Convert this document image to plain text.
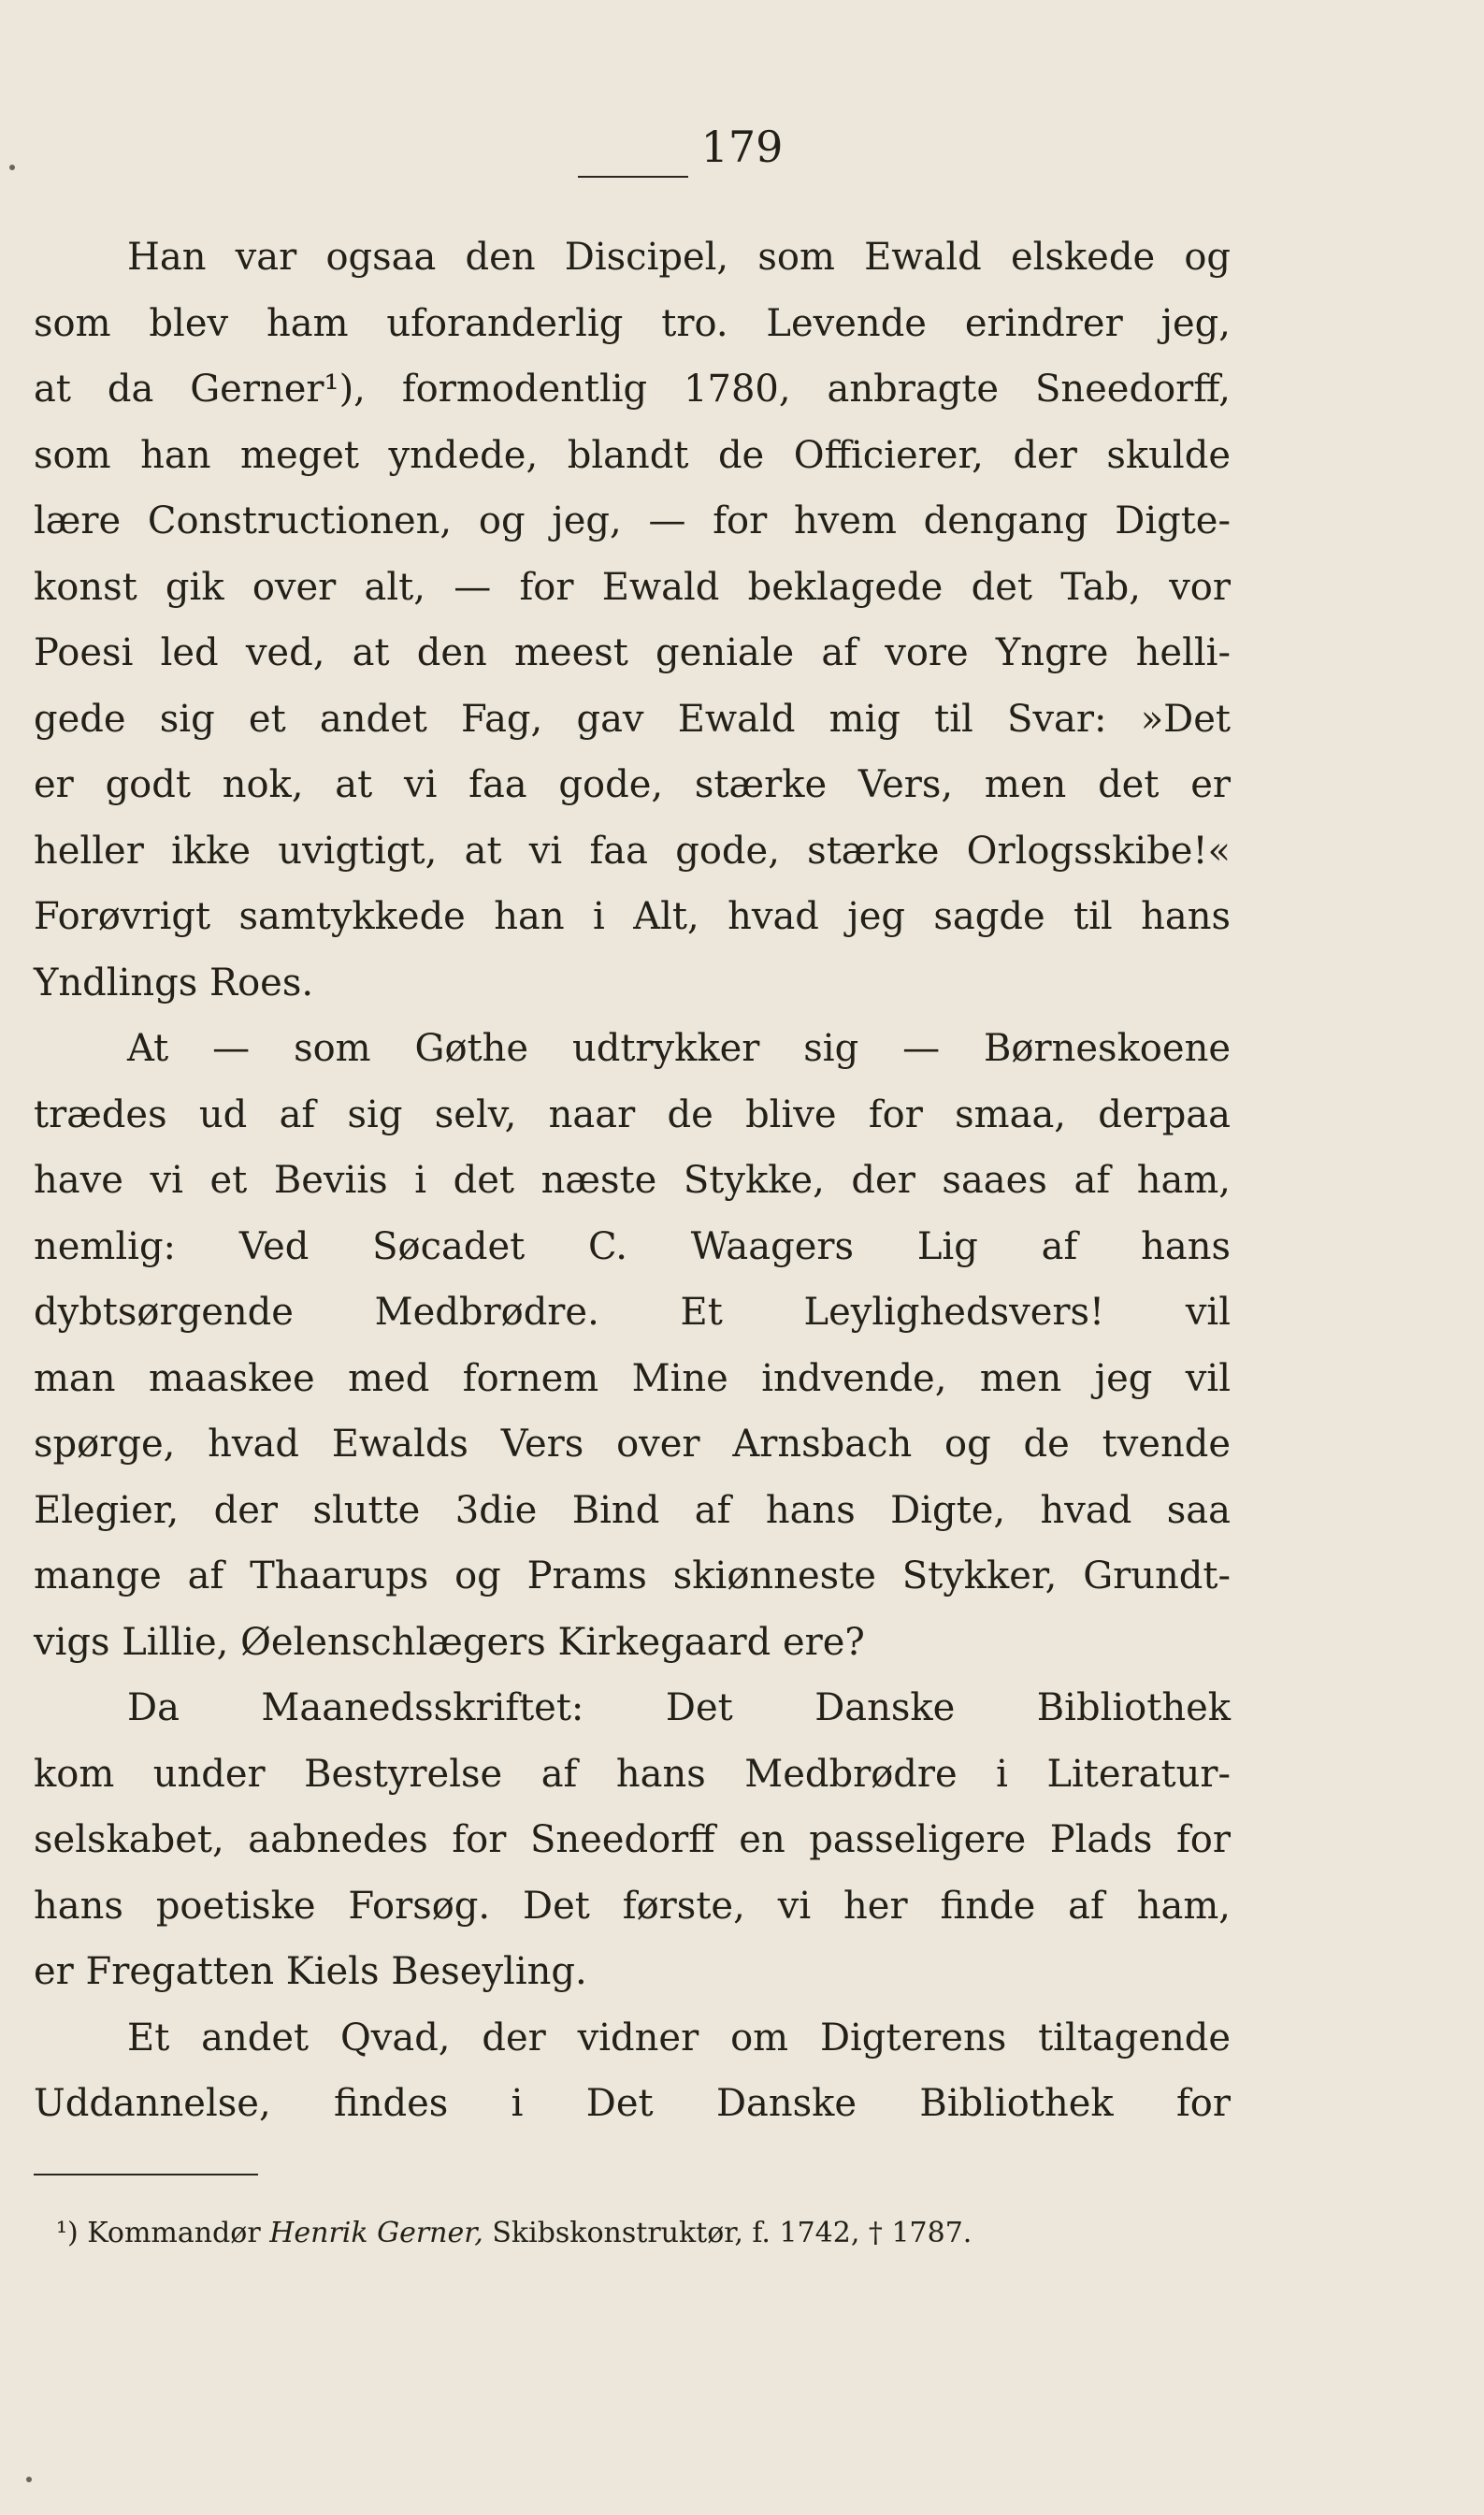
179
Han var ogsaa den Discipel, som Ewald elskede og
som blev ham uforanderlig tro. Levende erindrer jeg,
at da Gerner¹), formodentlig 1780, anbragte Sneedorff,
som han meget yndede, blandt de Officierer, der skulde
lære Constructionen, og jeg, — for hvem dengang Digte-
konst gik over alt, — for Ewald beklagede det Tab, vor
Poesi led ved, at den meest geniale af vore Yngre helli-
gede sig et andet Fag, gav Ewald mig til Svar: »Det
er godt nok, at vi faa gode, stærke Vers, men det er
heller ikke uvigtigt, at vi faa gode, stærke Orlogsskibe!«
Forøvrigt samtykkede han i Alt, hvad jeg sagde til hans
Yndlings Roes.
At — som Gøthe udtrykker sig — Børneskoene
trædes ud af sig selv, naar de blive for smaa, derpaa
have vi et Beviis i det næste Stykke, der saaes af ham,
nemlig: Ved Søcadet C. Waagers Lig af hans
dybtsørgende Medbrødre. Et Leylighedsvers! vil
man maaskee med fornem Mine indvende, men jeg vil
spørge, hvad Ewalds Vers over Arnsbach og de tvende
Elegier, der slutte 3die Bind af hans Digte, hvad saa
mange af Thaarups og Prams skiønneste Stykker, Grundt-
vigs Lillie, Øelenschlægers Kirkegaard ere?
Da Maanedsskriftet: Det Danske Bibliothek
kom under Bestyrelse af hans Medbrødre i Literatur-
selskabet, aabnedes for Sneedorff en passeligere Plads for
hans poetiske Forsøg. Det første, vi her finde af ham,
er Fregatten Kiels Beseyling.
Et andet Qvad, der vidner om Digterens tiltagende
Uddannelse, findes i Det Danske Bibliothek for
¹) Kommandør Henrik Gerner, Skibskonstruktør, f. 1742, † 1787.
